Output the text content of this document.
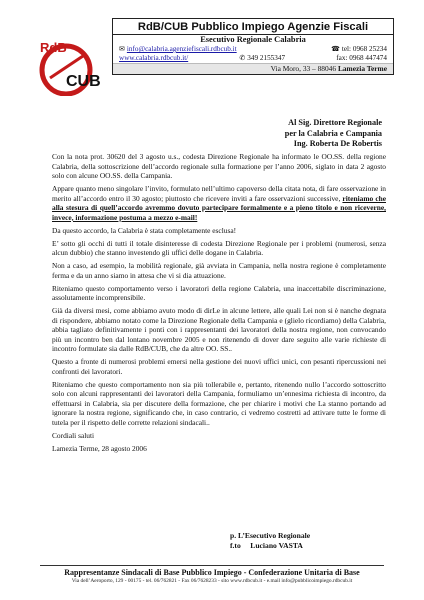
RdB
CUB
RdB/CUB Pubblico Impiego Agenzie Fiscali
Esecutivo Regionale Calabria
✉ info@calabria.agenziefiscali.rdbcub.it	☎ tel: 0968 25234
www.calabria.rdbcub.it/	✆ 349 2155347	fax: 0968 447474
Via Moro, 33 – 88046 Lamezia Terme
Al Sig. Direttore Regionale
per la Calabria e Campania
Ing. Roberta De Robertis

Con la nota prot. 30620 del 3 agosto u.s., codesta Direzione Regionale ha informato le OO.SS. della regione Calabria, della sottoscrizione dell’accordo regionale sulla formazione per l’anno 2006, siglato in data 2 agosto solo con alcune OO.SS. della Campania.

Appare quanto meno singolare l’invito, formulato nell’ultimo capoverso della citata nota, di fare osservazione in merito all’accordo entro il 30 agosto; piuttosto che ricevere inviti a fare osservazioni successive, riteniamo che alla stesura di quell’accordo avremmo dovuto partecipare formalmente e a pieno titolo e non riceverne, invece, informazione postuma a mezzo e-mail!

Da questo accordo, la Calabria è stata completamente esclusa!

E’ sotto gli occhi di tutti il totale disinteresse di codesta Direzione Regionale per i problemi (numerosi, senza alcun dubbio) che stanno investendo gli uffici delle dogane in Calabria.

Non a caso, ad esempio, la mobilità regionale, già avviata in Campania, nella nostra regione è completamente ferma e da un anno siamo in attesa che vi si dia attuazione.

Riteniamo questo comportamento verso i lavoratori della regione Calabria, una inaccettabile discriminazione, assolutamente incomprensibile.

Già da diversi mesi, come abbiamo avuto modo di dirLe in alcune lettere, alle quali Lei non si è nanche degnata di rispondere, abbiamo notato come la Direzione Regionale della Campania e (glielo ricordiamo) della Calabria, abbia tagliato definitivamente i ponti con i rappresentanti dei lavoratori della nostra regione, non convocando più un incontro ben dal lontano novembre 2005 e non ritenendo di dover dare seguito alle varie richieste di incontro formulate sia dalle RdB/CUB, che da altre OO. SS..

Questo a fronte di numerosi problemi emersi nella gestione dei nuovi uffici unici, con pesanti ripercussioni nei confronti dei lavoratori.

Riteniamo che questo comportamento non sia più tollerabile e, pertanto, ritenendo nullo l’accordo sottoscritto solo con alcuni rappresentanti dei lavoratori della Campania, formuliamo un’ennesima richiesta di incontro, da effettuarsi in Calabria, sia per discutere della formazione, che per chiarire i motivi che La stanno portando ad ignorare la nostra regione, significando che, in caso contrario, ci vedremo costretti ad attivare tutte le forme di tutela per il rispetto delle corrette relazioni sindacali..

Cordiali saluti

Lamezia Terme, 28 agosto 2006

p. L’Esecutivo Regionale
f.to Luciano VASTA
Rappresentanze Sindacali di Base Pubblico Impiego - Confederazione Unitaria di Base
Via dell’Aeroporto, 129 - 00175 - tel. 06/762821 - Fax 06/7628233 - sito www.rdbcub.it - e.mail info@pubblicoimpiego.rdbcub.it
